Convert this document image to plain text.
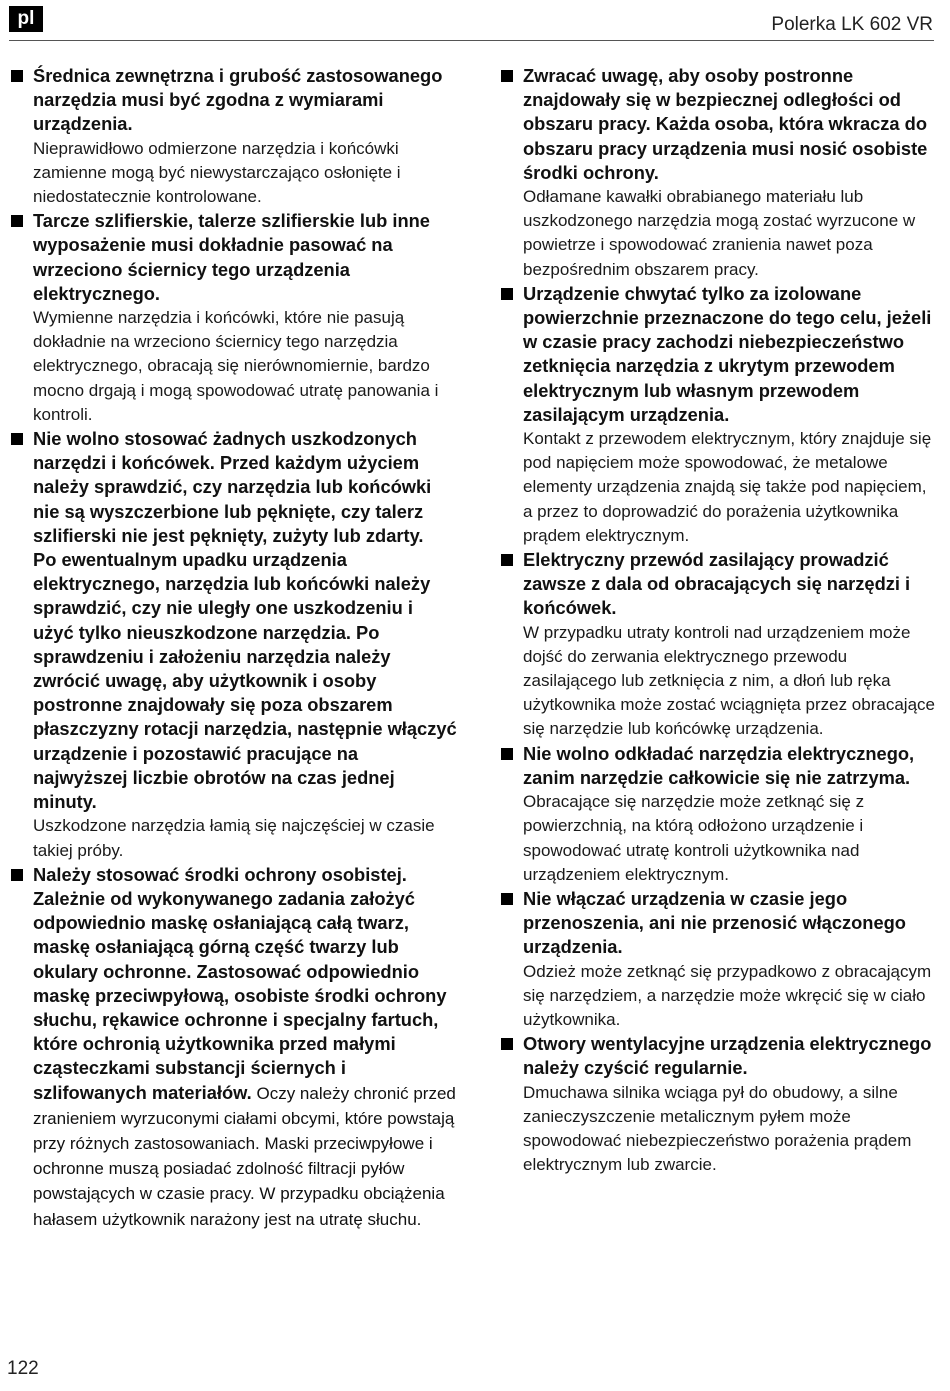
pl	Polerka LK 602 VR

Średnica zewnętrzna i grubość zastosowanego narzędzia musi być zgodna z wymiarami urządzenia.

Nieprawidłowo odmierzone narzędzia i końcówki zamienne mogą być niewystarczająco osłonięte i niedostatecznie kontrolowane.

Tarcze szlifierskie, talerze szlifierskie lub inne wyposażenie musi dokładnie pasować na wrzeciono ściernicy tego urządzenia elektrycznego.

Wymienne narzędzia i końcówki, które nie pasują dokładnie na wrzeciono ściernicy tego narzędzia elektrycznego, obracają się nierównomiernie, bardzo mocno drgają i mogą spowodować utratę panowania i kontroli.

Nie wolno stosować żadnych uszkodzonych narzędzi i końcówek. Przed każdym użyciem należy sprawdzić, czy narzędzia lub końcówki nie są wyszczerbione lub pęknięte, czy talerz szlifierski nie jest pęknięty, zużyty lub zdarty.

Po ewentualnym upadku urządzenia elektrycznego, narzędzia lub końcówki należy sprawdzić, czy nie uległy one uszkodzeniu i użyć tylko nieuszkodzone narzędzia. Po sprawdzeniu i założeniu narzędzia należy zwrócić uwagę, aby użytkownik i osoby postronne znajdowały się poza obszarem płaszczyzny rotacji narzędzia, następnie włączyć urządzenie i pozostawić pracujące na najwyższej liczbie obrotów na czas jednej minuty.

Uszkodzone narzędzia łamią się najczęściej w czasie takiej próby.

Należy stosować środki ochrony osobistej. Zależnie od wykonywanego zadania założyć odpowiednio maskę osłaniającą całą twarz, maskę osłaniającą górną część twarzy lub okulary ochronne. Zastosować odpowiednio maskę przeciwpyłową, osobiste środki ochrony słuchu, rękawice ochronne i specjalny fartuch, które ochronią użytkownika przed małymi cząsteczkami substancji ściernych i szlifowanych materiałów. Oczy należy chronić przed zranieniem wyrzuconymi ciałami obcymi, które powstają przy różnych zastosowaniach. Maski przeciwpyłowe i ochronne muszą posiadać zdolność filtracji pyłów powstających w czasie pracy. W przypadku obciążenia hałasem użytkownik narażony jest na utratę słuchu.

Zwracać uwagę, aby osoby postronne znajdowały się w bezpiecznej odległości od obszaru pracy. Każda osoba, która wkracza do obszaru pracy urządzenia musi nosić osobiste środki ochrony.

Odłamane kawałki obrabianego materiału lub uszkodzonego narzędzia mogą zostać wyrzucone w powietrze i spowodować zranienia nawet poza bezpośrednim obszarem pracy.

Urządzenie chwytać tylko za izolowane powierzchnie przeznaczone do tego celu, jeżeli w czasie pracy zachodzi niebezpieczeństwo zetknięcia narzędzia z ukrytym przewodem elektrycznym lub własnym przewodem zasilającym urządzenia.

Kontakt z przewodem elektrycznym, który znajduje się pod napięciem może spowodować, że metalowe elementy urządzenia znajdą się także pod napięciem, a przez to doprowadzić do porażenia użytkownika prądem elektrycznym.

Elektryczny przewód zasilający prowadzić zawsze z dala od obracających się narzędzi i końcówek.

W przypadku utraty kontroli nad urządzeniem może dojść do zerwania elektrycznego przewodu zasilającego lub zetknięcia z nim, a dłoń lub ręka użytkownika może zostać wciągnięta przez obracające się narzędzie lub końcówkę urządzenia.

Nie wolno odkładać narzędzia elektrycznego, zanim narzędzie całkowicie się nie zatrzyma.

Obracające się narzędzie może zetknąć się z powierzchnią, na którą odłożono urządzenie i spowodować utratę kontroli użytkownika nad urządzeniem elektrycznym.

Nie włączać urządzenia w czasie jego przenoszenia, ani nie przenosić włączonego urządzenia.

Odzież może zetknąć się przypadkowo z obracającym się narzędziem, a narzędzie może wkręcić się w ciało użytkownika.

Otwory wentylacyjne urządzenia elektrycznego należy czyścić regularnie.

Dmuchawa silnika wciąga pył do obudowy, a silne zanieczyszczenie metalicznym pyłem może spowodować niebezpieczeństwo porażenia prądem elektrycznym lub zwarcie.

122
